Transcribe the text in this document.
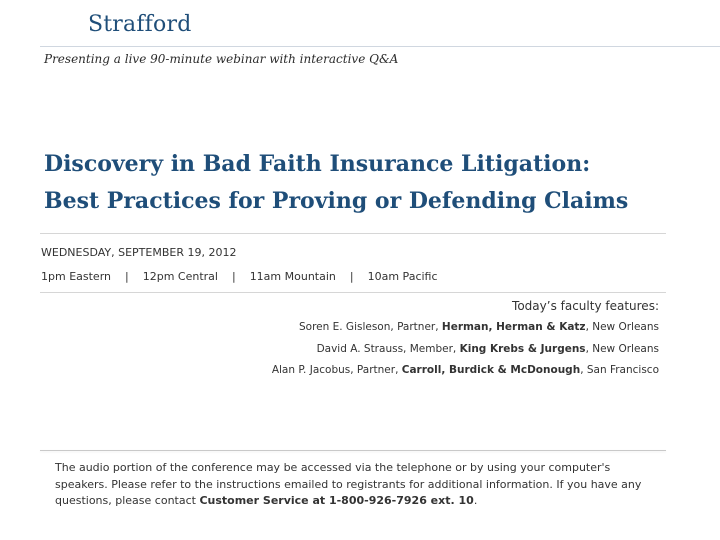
Strafford
Presenting a live 90-minute webinar with interactive Q&A
Discovery in Bad Faith Insurance Litigation:
Best Practices for Proving or Defending Claims
WEDNESDAY, SEPTEMBER 19, 2012
1pm Eastern | 12pm Central | 11am Mountain | 10am Pacific
Today’s faculty features:
Soren E. Gisleson, Partner, Herman, Herman & Katz, New Orleans
David A. Strauss, Member, King Krebs & Jurgens, New Orleans
Alan P. Jacobus, Partner, Carroll, Burdick & McDonough, San Francisco
The audio portion of the conference may be accessed via the telephone or by using your computer's speakers. Please refer to the instructions emailed to registrants for additional information. If you have any questions, please contact Customer Service at 1-800-926-7926 ext. 10.
